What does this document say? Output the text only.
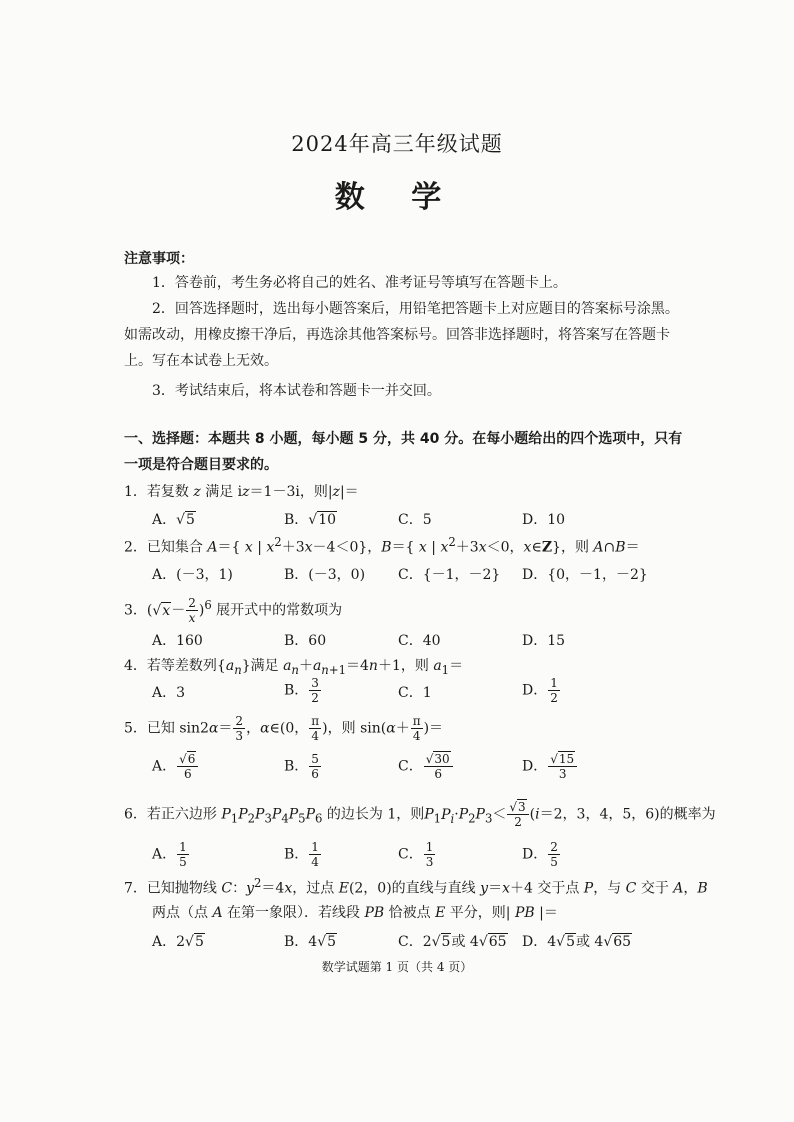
2024年高三年级试题
数 学
注意事项：
1．答卷前，考生务必将自己的姓名、准考证号等填写在答题卡上。
2．回答选择题时，选出每小题答案后，用铅笔把答题卡上对应题目的答案标号涂黑。如需改动，用橡皮擦干净后，再选涂其他答案标号。回答非选择题时，将答案写在答题卡上。写在本试卷上无效。
3．考试结束后，将本试卷和答题卡一并交回。
一、选择题：本题共 8 小题，每小题 5 分，共 40 分。在每小题给出的四个选项中，只有一项是符合题目要求的。
1．若复数 z 满足 iz＝1－3i，则|z|＝
A．√5	B．√10	C．5	D．10
2．已知集合 A＝{ x | $x^2+3x-4<0$}，B＝{ x | $x^2+3x<0$，x∈Z}，则 A∩B＝
A．(－3，1)	B．(－3，0) C．{－1，－2} D．{0，－1，－2}
3．$(√x- \frac{2}{x} )^6$ 展开式中的常数项为
A．160	B．60	C．40	D．15
4．若等差数列$\{a_n\}$满足 $a_n+a_{n+1}=4n+1$，则 $a_1=$
A．3	B． $\frac{3}{2}$	C．1	D． $\frac{1}{2}$
5．已知 $\sin 2\alpha= \frac{2}{3}$ ，α∈(0， $\frac{\pi}{4}$ )，则 $\sin(\alpha+ \frac{\pi}{4}$ )＝
A． $\frac{√6}{6}$	B． $\frac{5}{6}$	C． $\frac{√30}{6}$	D． $\frac{√15}{3}$
6．若正六边形 $P_1P_2P_3P_4P_5P_6$ 的边长为 1，则$P_1P_i\cdot P_2P_3< \frac{√3}{2} (i=2$，3，4，5，6)的概率为
A． $\frac{1}{5}$	B． $\frac{1}{4}$	C． $\frac{1}{3}$	D． $\frac{2}{5}$
7．已知抛物线 C：$y^2=4x$，过点 E(2，0)的直线与直线 y＝x＋4 交于点 P，与 C 交于 A，B
两点（点 A 在第一象限）．若线段 PB 恰被点 E 平分，则| PB |＝
A．2√5	B．4√5	C．2√5或 4√65 D．4√5或 4√65
数学试题第 1 页（共 4 页）
